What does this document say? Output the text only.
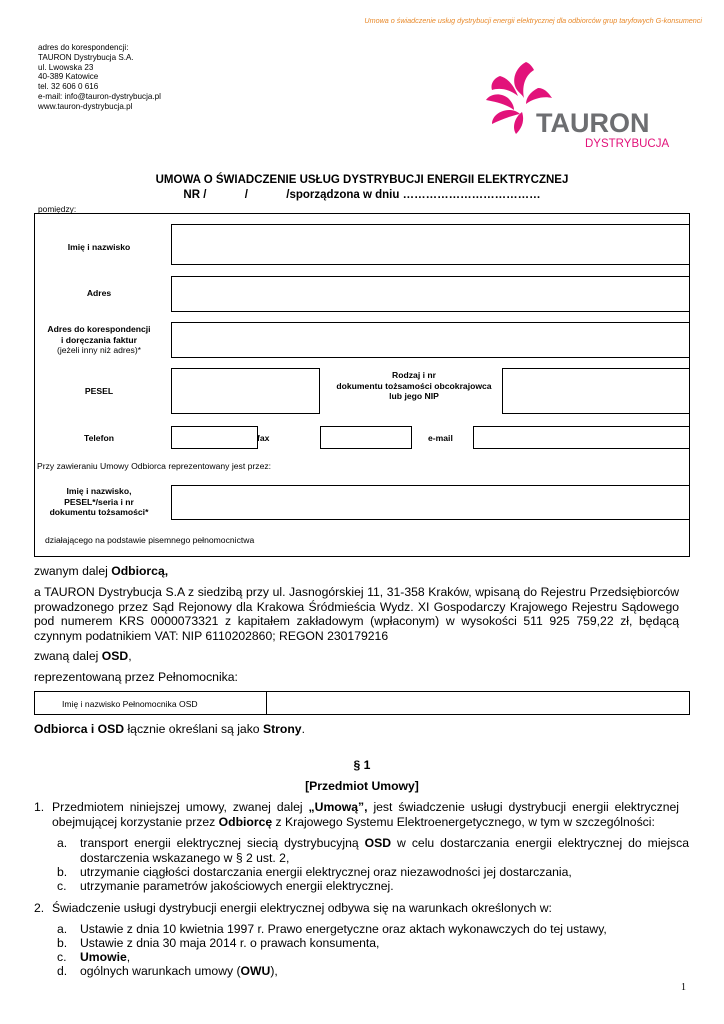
Umowa o świadczenie usług dystrybucji energii elektrycznej dla odbiorców grup taryfowych G-konsumenci
adres do korespondencji:
TAURON Dystrybucja S.A.
ul. Lwowska 23
40-389 Katowice
tel. 32 606 0 616
e-mail: info@tauron-dystrybucja.pl
www.tauron-dystrybucja.pl
TAURON
DYSTRYBUCJA
UMOWA O ŚWIADCZENIE USŁUG DYSTRYBUCJI ENERGII ELEKTRYCZNEJ
NR /            /            /sporządzona w dniu ………………………………
pomiędzy:
Imię i nazwisko
Adres
Adres do korespondencji
i doręczania faktur
(jeżeli inny niż adres)*
PESEL
Rodzaj i nr
dokumentu tożsamości obcokrajowca
lub jego NIP
Telefon	fax	e-mail
Przy zawieraniu Umowy Odbiorca reprezentowany jest przez:
Imię i nazwisko,
PESEL*/seria i nr
dokumentu tożsamości*
działającego na podstawie pisemnego pełnomocnictwa
zwanym dalej Odbiorcą,
a TAURON Dystrybucja S.A z siedzibą przy ul. Jasnogórskiej 11, 31-358 Kraków, wpisaną do Rejestru Przedsiębiorców
prowadzonego przez Sąd Rejonowy dla Krakowa Śródmieścia Wydz. XI Gospodarczy Krajowego Rejestru Sądowego
pod numerem KRS 0000073321 z kapitałem zakładowym (wpłaconym) w wysokości 511 925 759,22 zł, będącą
czynnym podatnikiem VAT: NIP 6110202860; REGON 230179216
zwaną dalej OSD,
reprezentowaną przez Pełnomocnika:
Imię i nazwisko Pełnomocnika OSD
Odbiorca i OSD łącznie określani są jako Strony.
§ 1
[Przedmiot Umowy]
1. Przedmiotem niniejszej umowy, zwanej dalej „Umową”, jest świadczenie usługi dystrybucji energii elektrycznej
obejmującej korzystanie przez Odbiorcę z Krajowego Systemu Elektroenergetycznego, w tym w szczególności:
a. transport energii elektrycznej siecią dystrybucyjną OSD w celu dostarczania energii elektrycznej do miejsca
dostarczenia wskazanego w § 2 ust. 2,
b. utrzymanie ciągłości dostarczania energii elektrycznej oraz niezawodności jej dostarczania,
c. utrzymanie parametrów jakościowych energii elektrycznej.
2. Świadczenie usługi dystrybucji energii elektrycznej odbywa się na warunkach określonych w:
a. Ustawie z dnia 10 kwietnia 1997 r. Prawo energetyczne oraz aktach wykonawczych do tej ustawy,
b. Ustawie z dnia 30 maja 2014 r. o prawach konsumenta,
c. Umowie,
d. ogólnych warunkach umowy (OWU),
1
